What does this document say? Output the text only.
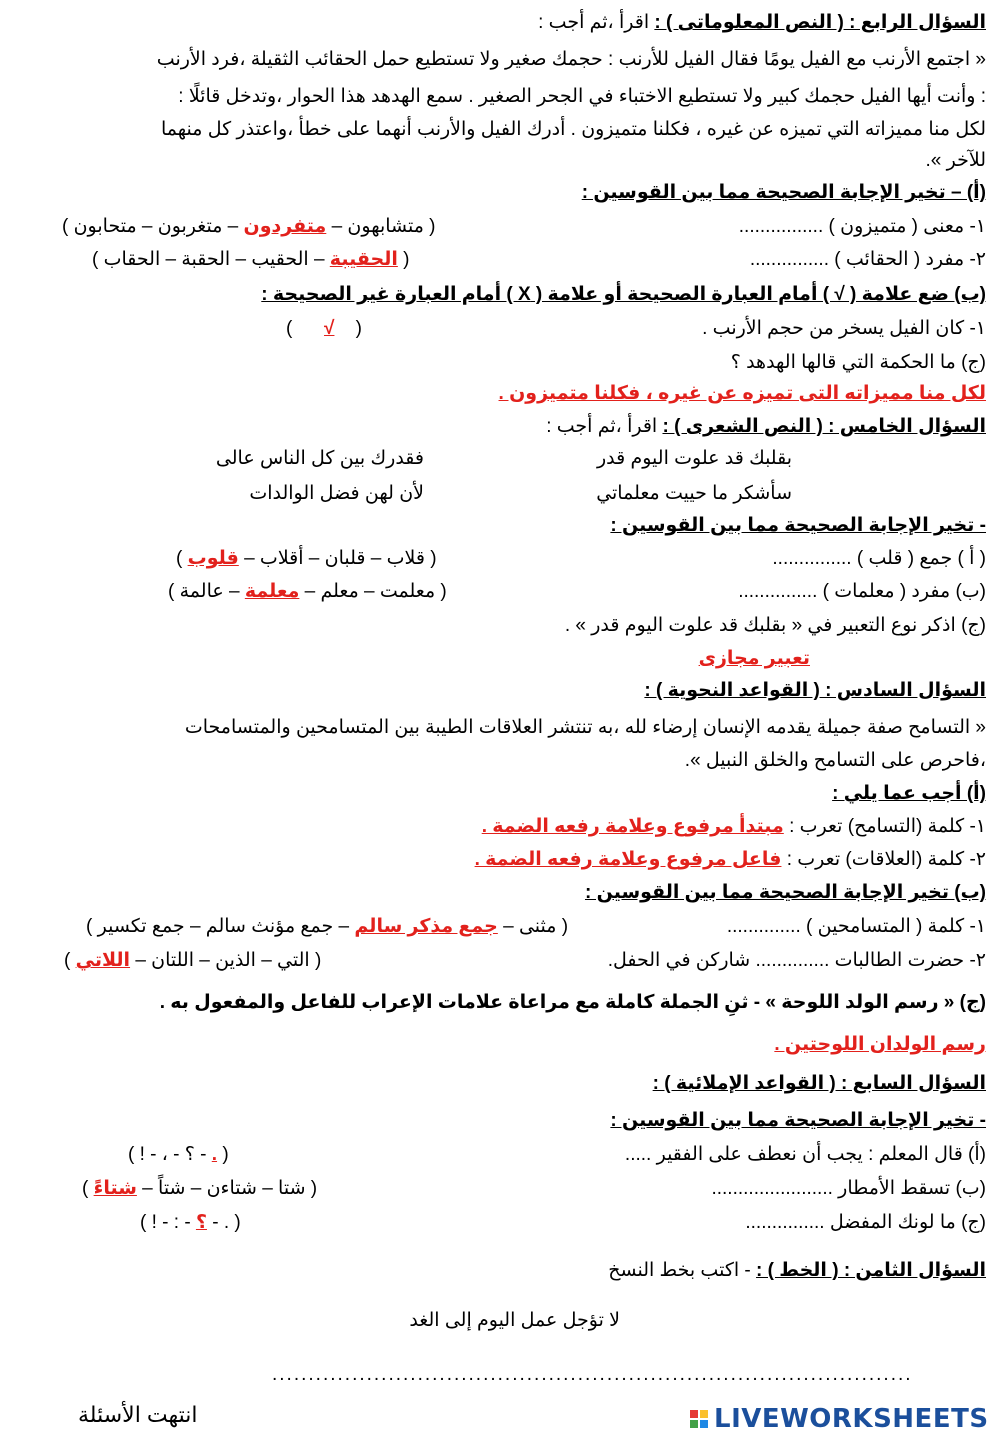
السؤال الرابع : ( النص المعلوماتى ) : اقرأ ،ثم أجب :
« اجتمع الأرنب مع الفيل يومًا فقال الفيل للأرنب : حجمك صغير ولا تستطيع حمل الحقائب الثقيلة ،فرد الأرنب
: وأنت أيها الفيل حجمك كبير ولا تستطيع الاختباء في الجحر الصغير . سمع الهدهد هذا الحوار ،وتدخل قائلًا :
لكل منا مميزاته التي تميزه عن غيره ، فكلنا متميزون . أدرك الفيل والأرنب أنهما على خطأ ،واعتذر كل منهما
للآخر ».
(أ) – تخير الإجابة الصحيحة مما بين القوسين :
١- معنى ( متميزون ) ................
( متشابهون – متفردون – متغربون – متحابون )
٢- مفرد ( الحقائب ) ...............
( الحقيبة – الحقيب – الحقبة – الحقاب )
(ب) ضع علامة ( √ ) أمام العبارة الصحيحة أو علامة ( X ) أمام العبارة غير الصحيحة :
١- كان الفيل يسخر من حجم الأرنب .
(    √      )
(ج) ما الحكمة التي قالها الهدهد ؟
لكل منا مميزاته التى تميزه عن غيره ، فكلنا متميزون .
السؤال الخامس : ( النص الشعرى ) : اقرأ ،ثم أجب :
بقلبك قد علوت اليوم قدر
فقدرك بين كل الناس عالى
سأشكر ما حييت معلماتي
لأن لهن فضل الوالدات
- تخير الإجابة الصحيحة مما بين القوسين :
( أ ) جمع ( قلب ) ...............
( قلاب – قلبان – أقلاب – قلوب )
(ب) مفرد ( معلمات ) ...............
( معلمت – معلم – معلمة – عالمة )
(ج) اذكر نوع التعبير في « بقلبك قد علوت اليوم قدر » .
تعبير مجازى
السؤال السادس : ( القواعد النحوية ) :
« التسامح صفة جميلة يقدمه الإنسان إرضاء لله ،به تنتشر العلاقات الطيبة بين المتسامحين والمتسامحات
،فاحرص على التسامح والخلق النبيل ».
(أ) أجب عما يلي :
١- كلمة (التسامح) تعرب : مبتدأ مرفوع وعلامة رفعه الضمة .
٢- كلمة (العلاقات) تعرب : فاعل مرفوع وعلامة رفعه الضمة .
(ب) تخير الإجابة الصحيحة مما بين القوسين :
١- كلمة ( المتسامحين ) ..............
( مثنى – جمع مذكر سالم – جمع مؤنث سالم – جمع تكسير )
٢- حضرت الطالبات .............. شاركن في الحفل.
( التي – الذين – اللتان – اللاتي )
(ج) « رسم الولد اللوحة » - ثنِ الجملة كاملة مع مراعاة علامات الإعراب للفاعل والمفعول به .
رسم الولدان اللوحتين .
السؤال السابع : ( القواعد الإملائية ) :
- تخير الإجابة الصحيحة مما بين القوسين :
(أ) قال المعلم : يجب أن نعطف على الفقير .....
( . - ؟ - ، - ! )
(ب) تسقط الأمطار .......................
( شتا – شتاءن – شتاً – شتاءً )
(ج) ما لونك المفضل ...............
( . - ؟ - : - ! )
السؤال الثامن : ( الخط ) : - اكتب بخط النسخ
لا تؤجل عمل اليوم إلى الغد
........................................................................................
انتهت الأسئلة	LIVEWORKSHEETS
